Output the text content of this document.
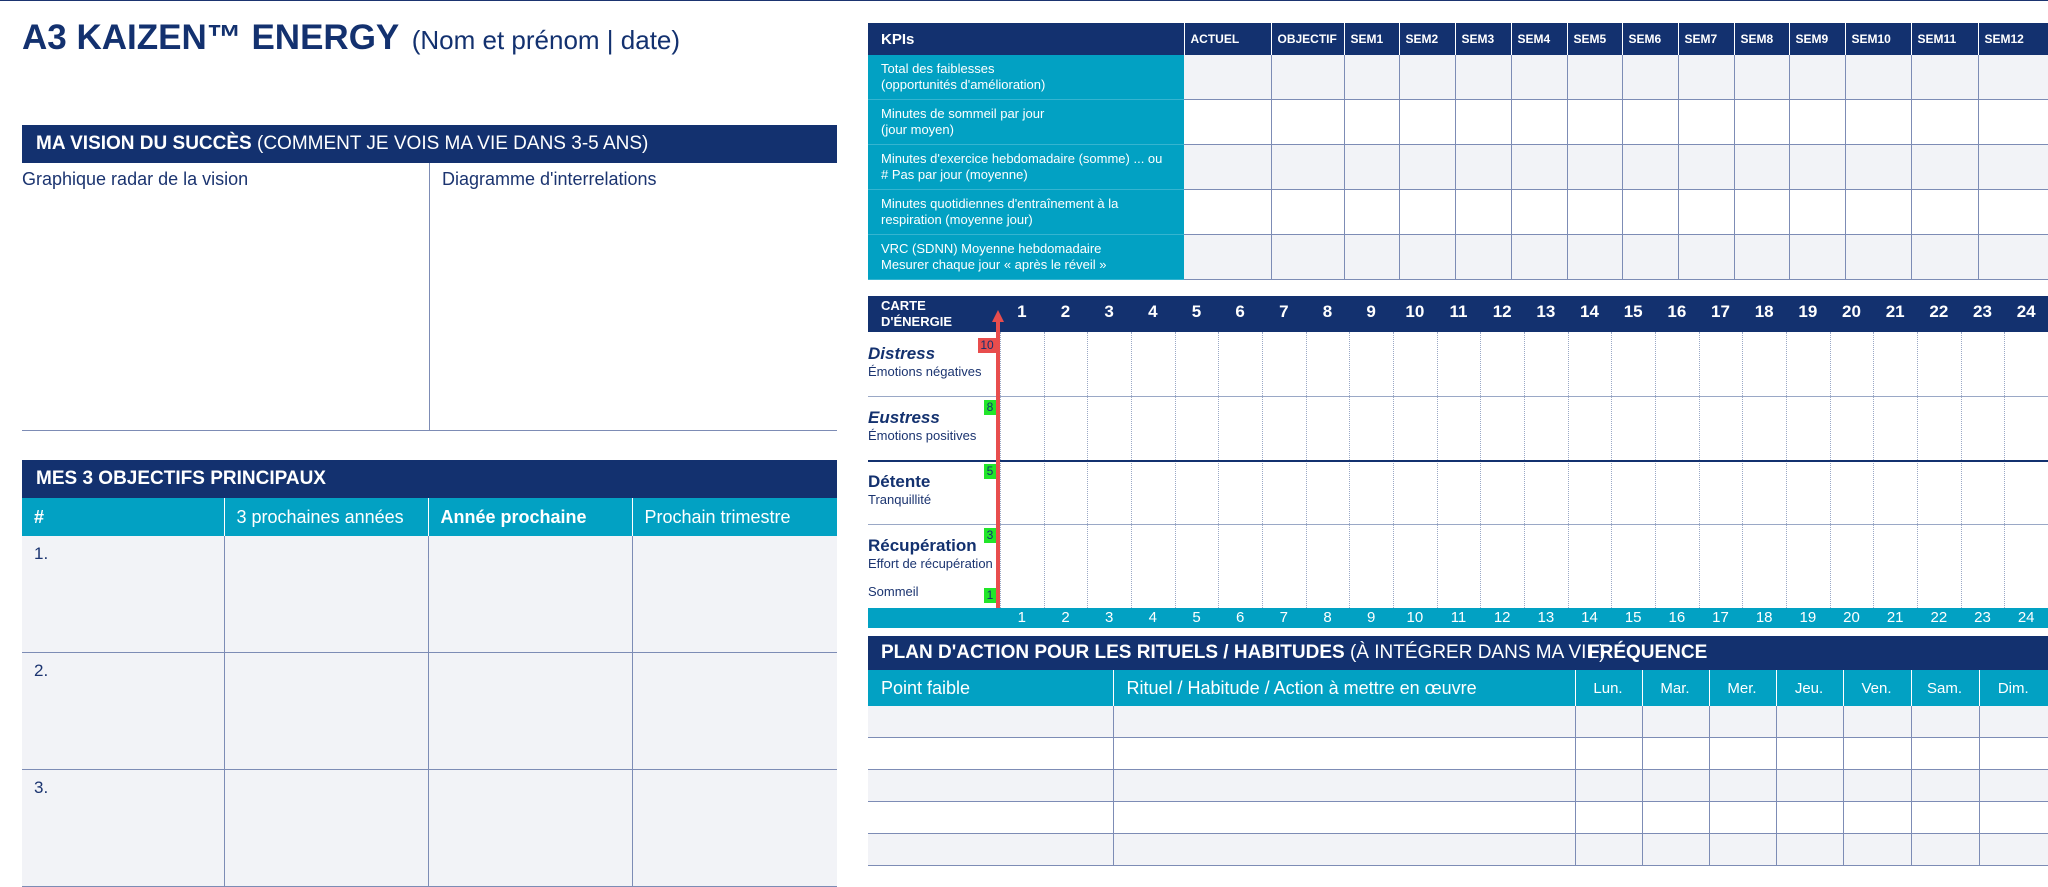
A3 KAIZEN™ ENERGY (Nom et prénom | date)
MA VISION DU SUCCÈS (COMMENT JE VOIS MA VIE DANS 3-5 ANS)
Graphique radar de la vision	Diagramme d'interrelations
MES 3 OBJECTIFS PRINCIPAUX
#	3 prochaines années	Année prochaine	Prochain trimestre
1.			
2.			
3.			
KPIs	ACTUEL	OBJECTIF	SEM1	SEM2	SEM3	SEM4	SEM5	SEM6	SEM7	SEM8	SEM9	SEM10	SEM11	SEM12

Total des faiblesses
(opportunités d'amélioration)														

Minutes de sommeil par jour
(jour moyen)														

Minutes d'exercice hebdomadaire (somme) ... ou
# Pas par jour (moyenne)														

Minutes quotidiennes d'entraînement à la
respiration (moyenne jour)														

VRC (SDNN) Moyenne hebdomadaire
Mesurer chaque jour « après le réveil »														

CARTE
D'ÉNERGIE
1	2	3	4	5	6	7	8	9	10	11	12	13	14	15	16	17	18	19	20	21	22	23	24
1	2	3	4	5	6	7	8	9	10	11	12	13	14	15	16	17	18	19	20	21	22	23	24
Distress
Émotions négatives
10
Eustress
Émotions positives
8
Détente
Tranquillité
5
Récupération
Effort de récupération
3
Sommeil	1
PLAN D'ACTION POUR LES RITUELS / HABITUDES (À INTÉGRER DANS MA VIE)
FRÉQUENCE
Point faible	Rituel / Habitude / Action à mettre en œuvre	Lun.	Mar.	Mer.	Jeu.	Ven.	Sam.	Dim.
